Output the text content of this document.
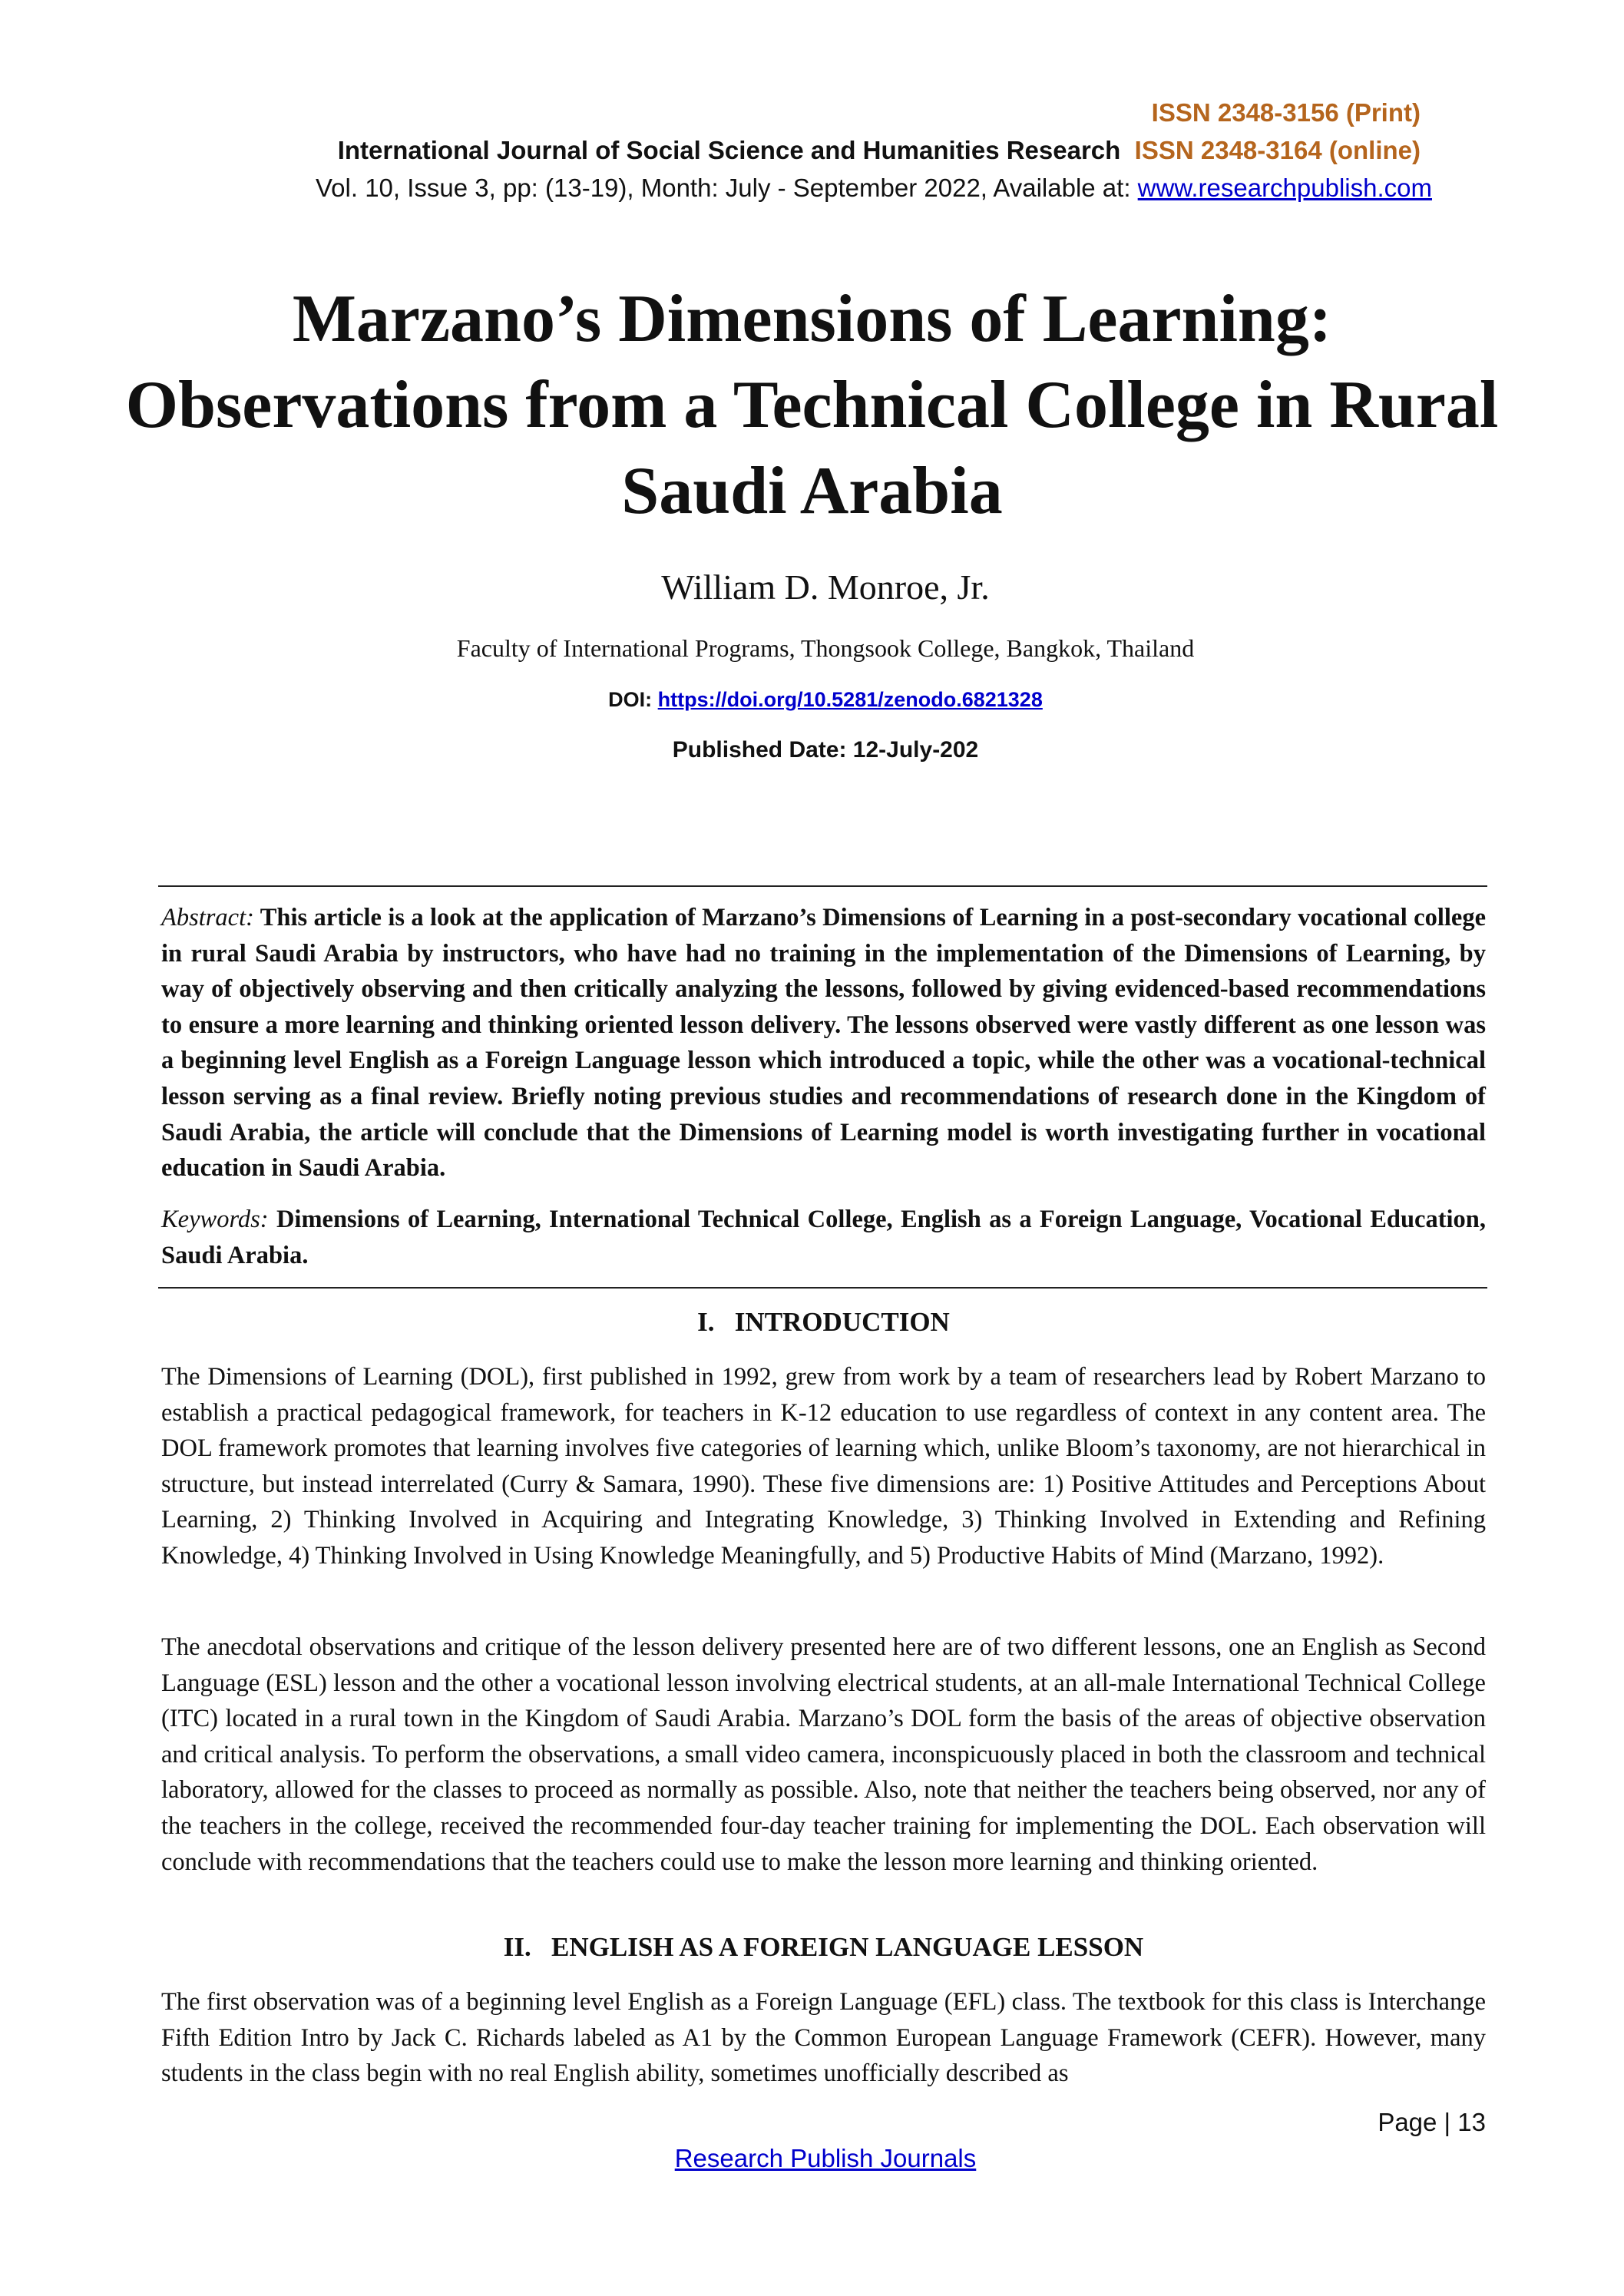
ISSN 2348-3156 (Print)
International Journal of Social Science and Humanities Research ISSN 2348-3164 (online)
Vol. 10, Issue 3, pp: (13-19), Month: July - September 2022, Available at: www.researchpublish.com
Marzano’s Dimensions of Learning: Observations from a Technical College in Rural Saudi Arabia
William D. Monroe, Jr.
Faculty of International Programs, Thongsook College, Bangkok, Thailand
DOI: https://doi.org/10.5281/zenodo.6821328
Published Date: 12-July-202
Abstract: This article is a look at the application of Marzano’s Dimensions of Learning in a post-secondary vocational college in rural Saudi Arabia by instructors, who have had no training in the implementation of the Dimensions of Learning, by way of objectively observing and then critically analyzing the lessons, followed by giving evidenced-based recommendations to ensure a more learning and thinking oriented lesson delivery. The lessons observed were vastly different as one lesson was a beginning level English as a Foreign Language lesson which introduced a topic, while the other was a vocational-technical lesson serving as a final review. Briefly noting previous studies and recommendations of research done in the Kingdom of Saudi Arabia, the article will conclude that the Dimensions of Learning model is worth investigating further in vocational education in Saudi Arabia.
Keywords: Dimensions of Learning, International Technical College, English as a Foreign Language, Vocational Education, Saudi Arabia.
I.   INTRODUCTION
The Dimensions of Learning (DOL), first published in 1992, grew from work by a team of researchers lead by Robert Marzano to establish a practical pedagogical framework, for teachers in K-12 education to use regardless of context in any content area. The DOL framework promotes that learning involves five categories of learning which, unlike Bloom’s taxonomy, are not hierarchical in structure, but instead interrelated (Curry & Samara, 1990). These five dimensions are: 1) Positive Attitudes and Perceptions About Learning, 2) Thinking Involved in Acquiring and Integrating Knowledge, 3) Thinking Involved in Extending and Refining Knowledge, 4) Thinking Involved in Using Knowledge Meaningfully, and 5) Productive Habits of Mind (Marzano, 1992).
The anecdotal observations and critique of the lesson delivery presented here are of two different lessons, one an English as Second Language (ESL) lesson and the other a vocational lesson involving electrical students, at an all-male International Technical College (ITC) located in a rural town in the Kingdom of Saudi Arabia. Marzano’s DOL form the basis of the areas of objective observation and critical analysis. To perform the observations, a small video camera, inconspicuously placed in both the classroom and technical laboratory, allowed for the classes to proceed as normally as possible. Also, note that neither the teachers being observed, nor any of the teachers in the college, received the recommended four-day teacher training for implementing the DOL. Each observation will conclude with recommendations that the teachers could use to make the lesson more learning and thinking oriented.
II.   ENGLISH AS A FOREIGN LANGUAGE LESSON
The first observation was of a beginning level English as a Foreign Language (EFL) class. The textbook for this class is Interchange Fifth Edition Intro by Jack C. Richards labeled as A1 by the Common European Language Framework (CEFR). However, many students in the class begin with no real English ability, sometimes unofficially described as
Page | 13
Research Publish Journals
